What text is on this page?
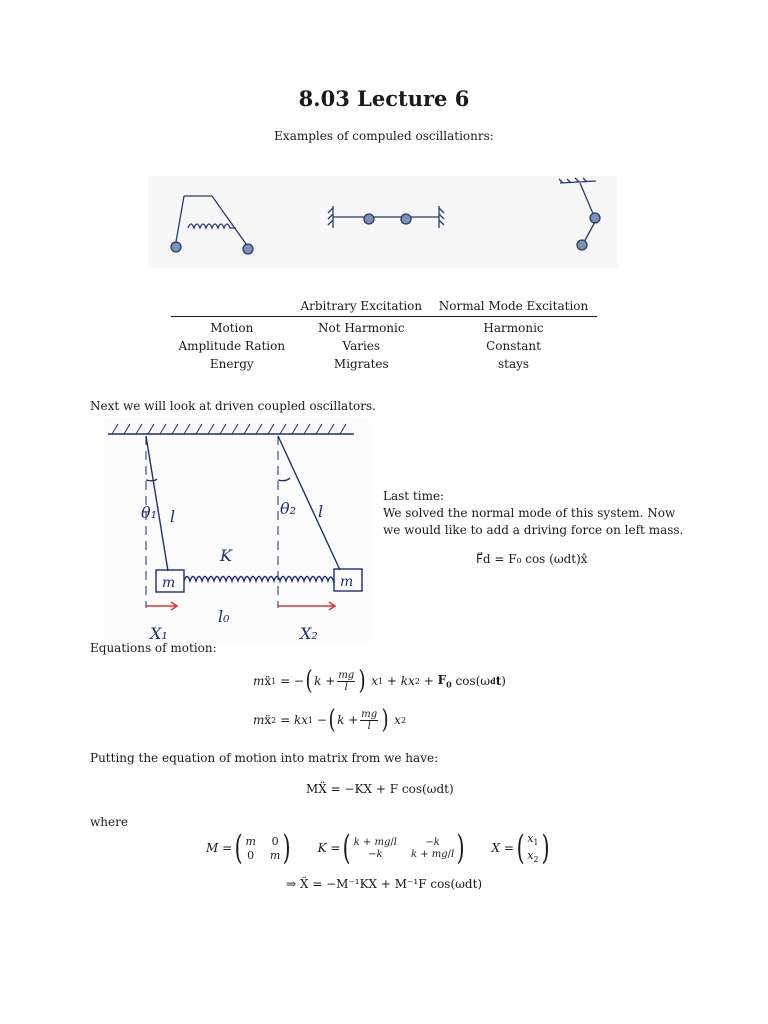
8.03 Lecture 6
Examples of compuled oscillationrs:
	Arbitrary Excitation	Normal Mode Excitation
Motion	Not Harmonic	Harmonic
Amplitude Ration	Varies	Constant
Energy	Migrates	stays
Next we will look at driven coupled oscillators.
θ₁ l	θ₂ l
K
m	m
l₀
X₁	X₂
Last time:
We solved the normal mode of this system. Now we would like to add a driving force on left mass.
F⃗d = F₀ cos (ωdt)x̂
Equations of motion:
m ẍ 1 = − ( $k + \frac{mg}{l}$ )
x 1 + kx $2 + F_0$ cos(ω d t )
m ẍ 2 = kx 1 − ( $k + \frac{mg}{l}$ )
x 2
Putting the equation of motion into matrix from we have:
MẌ = −KX + F cos(ωdt)
where
M = ( m 0
0 m ) K = ( k + mg/l	−k
−k	k + mg/l ) X = ( $x_1$
$x_2$ )
⇒ Ẍ = −M⁻¹KX + M⁻¹F cos(ωdt)
